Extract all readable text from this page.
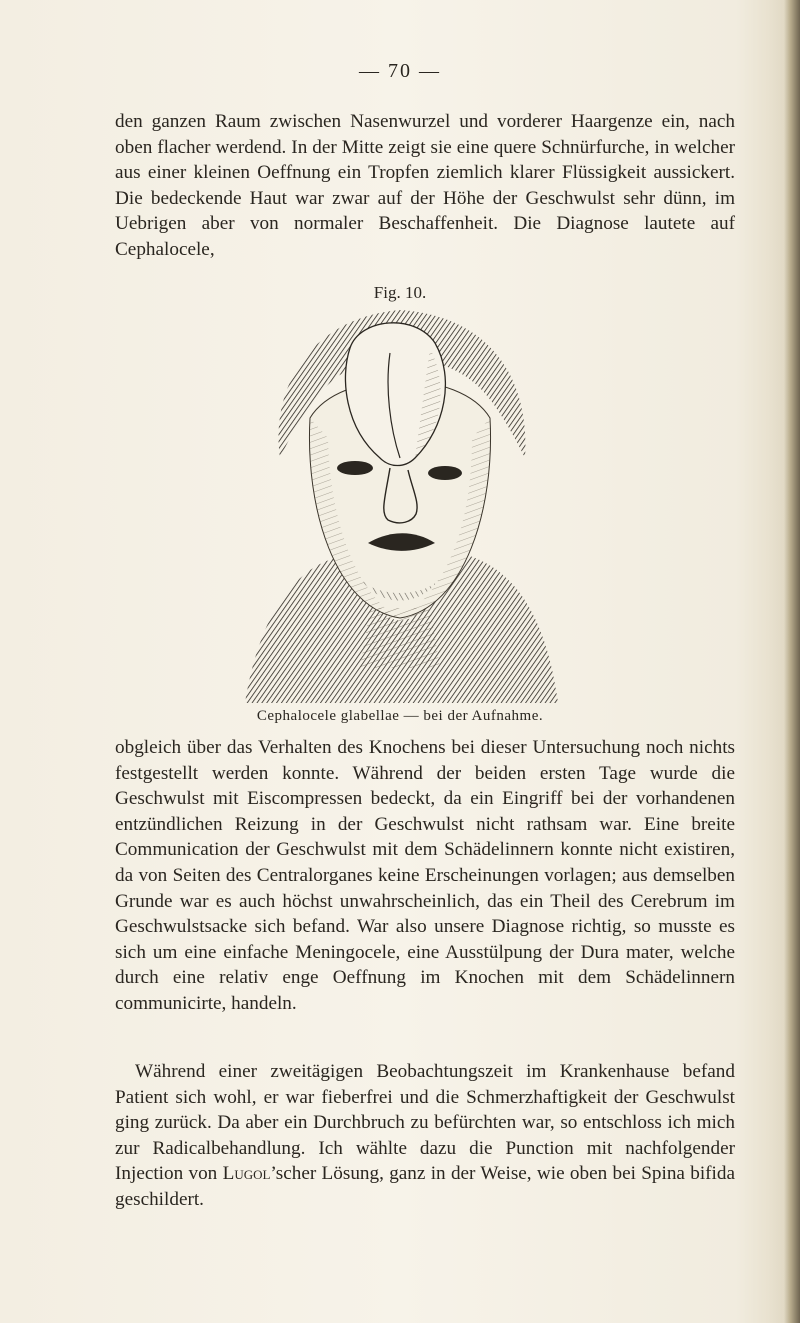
— 70 —

den ganzen Raum zwischen Nasenwurzel und vorderer Haargenze ein, nach oben flacher werdend. In der Mitte zeigt sie eine quere Schnürfurche, in welcher aus einer kleinen Oeffnung ein Tropfen ziemlich klarer Flüssigkeit aussickert. Die bedeckende Haut war zwar auf der Höhe der Geschwulst sehr dünn, im Uebrigen aber von normaler Beschaffenheit. Die Diagnose lautete auf Cephalocele,

Fig. 10.
Cephalocele glabellae — bei der Aufnahme.

obgleich über das Verhalten des Knochens bei dieser Untersuchung noch nichts festgestellt werden konnte. Während der beiden ersten Tage wurde die Geschwulst mit Eiscompressen bedeckt, da ein Eingriff bei der vorhandenen entzündlichen Reizung in der Geschwulst nicht rathsam war. Eine breite Communication der Geschwulst mit dem Schädelinnern konnte nicht existiren, da von Seiten des Centralorganes keine Erscheinungen vorlagen; aus demselben Grunde war es auch höchst unwahrscheinlich, das ein Theil des Cerebrum im Geschwulstsacke sich befand. War also unsere Diagnose richtig, so musste es sich um eine einfache Meningocele, eine Ausstülpung der Dura mater, welche durch eine relativ enge Oeffnung im Knochen mit dem Schädelinnern communicirte, handeln.

Während einer zweitägigen Beobachtungszeit im Krankenhause befand Patient sich wohl, er war fieberfrei und die Schmerzhaftigkeit der Geschwulst ging zurück. Da aber ein Durchbruch zu befürchten war, so entschloss ich mich zur Radicalbehandlung. Ich wählte dazu die Punction mit nachfolgender Injection von Lugol’scher Lösung, ganz in der Weise, wie oben bei Spina bifida geschildert.
